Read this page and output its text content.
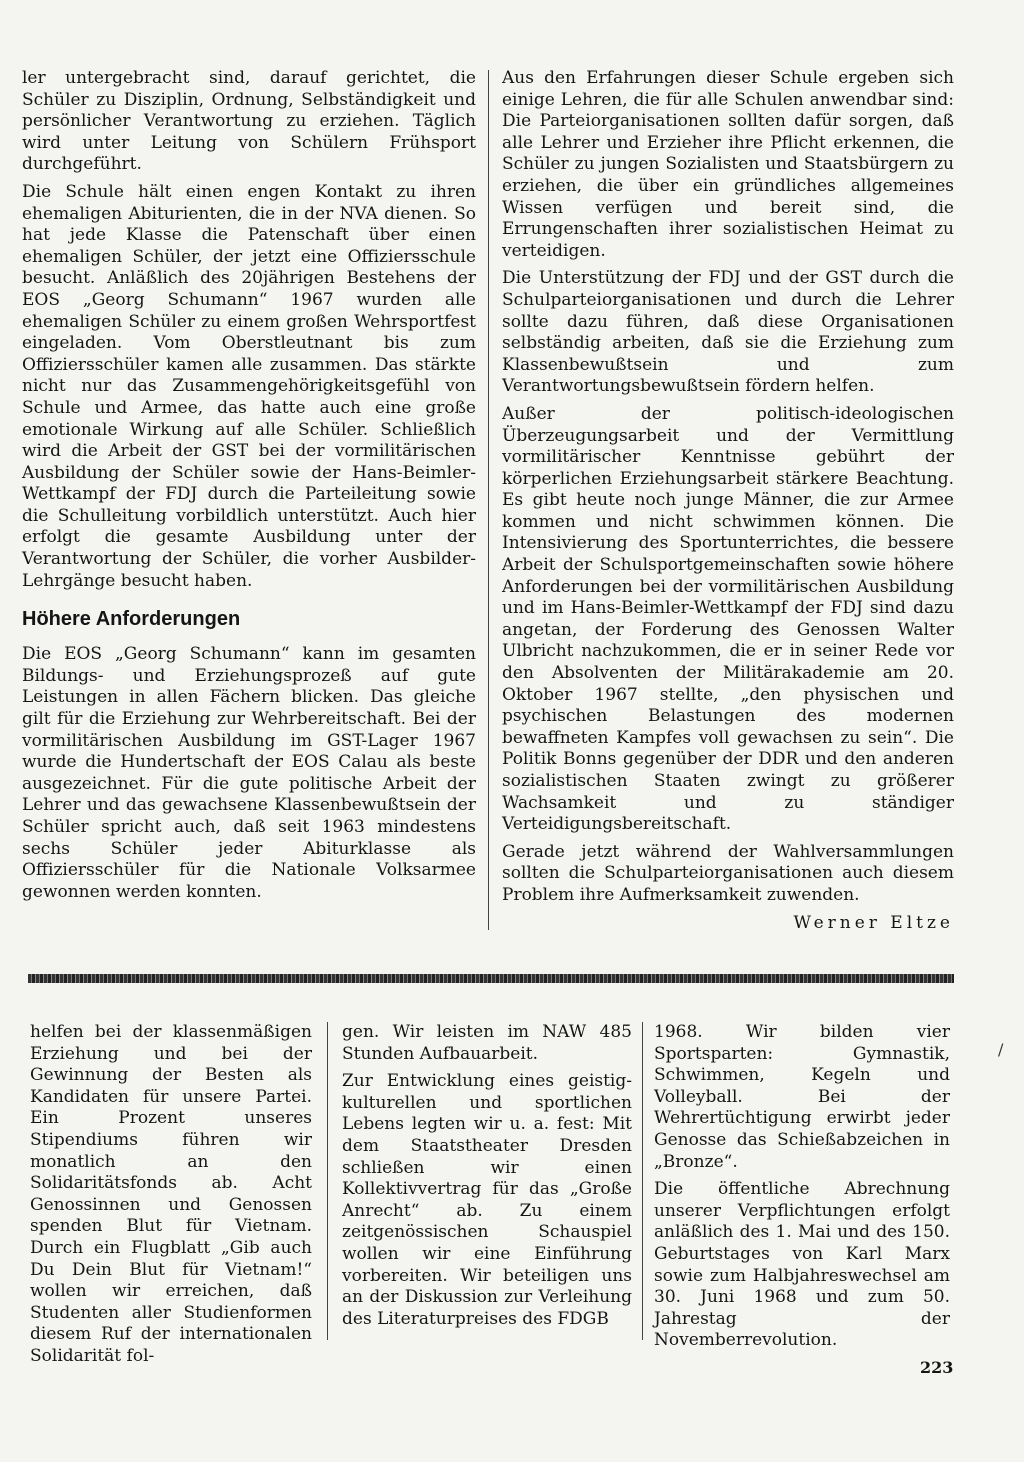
ler untergebracht sind, darauf gerichtet, die Schüler zu Disziplin, Ordnung, Selbständigkeit und persönlicher Verantwortung zu erziehen. Täglich wird unter Leitung von Schülern Frühsport durchgeführt.

Die Schule hält einen engen Kontakt zu ihren ehemaligen Abiturienten, die in der NVA dienen. So hat jede Klasse die Patenschaft über einen ehemaligen Schüler, der jetzt eine Offiziersschule besucht. Anläßlich des 20jährigen Bestehens der EOS „Georg Schumann“ 1967 wurden alle ehemaligen Schüler zu einem großen Wehrsportfest eingeladen. Vom Oberstleutnant bis zum Offiziersschüler kamen alle zusammen. Das stärkte nicht nur das Zusammengehörigkeitsgefühl von Schule und Armee, das hatte auch eine große emotionale Wirkung auf alle Schüler. Schließlich wird die Arbeit der GST bei der vormilitärischen Ausbildung der Schüler sowie der Hans-Beimler-Wettkampf der FDJ durch die Parteileitung sowie die Schulleitung vorbildlich unterstützt. Auch hier erfolgt die gesamte Ausbildung unter der Verantwortung der Schüler, die vorher Ausbilder-Lehrgänge besucht haben.

Höhere Anforderungen

Die EOS „Georg Schumann“ kann im gesamten Bildungs- und Erziehungsprozeß auf gute Leistungen in allen Fächern blicken. Das gleiche gilt für die Erziehung zur Wehrbereitschaft. Bei der vormilitärischen Ausbildung im GST-Lager 1967 wurde die Hundertschaft der EOS Calau als beste ausgezeichnet. Für die gute politische Arbeit der Lehrer und das gewachsene Klassenbewußtsein der Schüler spricht auch, daß seit 1963 mindestens sechs Schüler jeder Abiturklasse als Offiziersschüler für die Nationale Volksarmee gewonnen werden konnten.

Aus den Erfahrungen dieser Schule ergeben sich einige Lehren, die für alle Schulen anwendbar sind: Die Parteiorganisationen sollten dafür sorgen, daß alle Lehrer und Erzieher ihre Pflicht erkennen, die Schüler zu jungen Sozialisten und Staatsbürgern zu erziehen, die über ein gründliches allgemeines Wissen verfügen und bereit sind, die Errungenschaften ihrer sozialistischen Heimat zu verteidigen.

Die Unterstützung der FDJ und der GST durch die Schulparteiorganisationen und durch die Lehrer sollte dazu führen, daß diese Organisationen selbständig arbeiten, daß sie die Erziehung zum Klassenbewußtsein und zum Verantwortungsbewußtsein fördern helfen.

Außer der politisch-ideologischen Überzeugungsarbeit und der Vermittlung vormilitärischer Kenntnisse gebührt der körperlichen Erziehungsarbeit stärkere Beachtung. Es gibt heute noch junge Männer, die zur Armee kommen und nicht schwimmen können. Die Intensivierung des Sportunterrichtes, die bessere Arbeit der Schulsportgemeinschaften sowie höhere Anforderungen bei der vormilitärischen Ausbildung und im Hans-Beimler-Wettkampf der FDJ sind dazu angetan, der Forderung des Genossen Walter Ulbricht nachzukommen, die er in seiner Rede vor den Absolventen der Militärakademie am 20. Oktober 1967 stellte, „den physischen und psychischen Belastungen des modernen bewaffneten Kampfes voll gewachsen zu sein“. Die Politik Bonns gegenüber der DDR und den anderen sozialistischen Staaten zwingt zu größerer Wachsamkeit und zu ständiger Verteidigungsbereitschaft.

Gerade jetzt während der Wahlversammlungen sollten die Schulparteiorganisationen auch diesem Problem ihre Aufmerksamkeit zuwenden.

Werner Eltze

helfen bei der klassenmäßigen Erziehung und bei der Gewinnung der Besten als Kandidaten für unsere Partei. Ein Prozent unseres Stipendiums führen wir monatlich an den Solidaritätsfonds ab. Acht Genossinnen und Genossen spenden Blut für Vietnam. Durch ein Flugblatt „Gib auch Du Dein Blut für Vietnam!“ wollen wir erreichen, daß Studenten aller Studienformen diesem Ruf der internationalen Solidarität fol-

gen. Wir leisten im NAW 485 Stunden Aufbauarbeit.

Zur Entwicklung eines geistig-kulturellen und sportlichen Lebens legten wir u. a. fest: Mit dem Staatstheater Dresden schließen wir einen Kollektivvertrag für das „Große Anrecht“ ab. Zu einem zeitgenössischen Schauspiel wollen wir eine Einführung vorbereiten. Wir beteiligen uns an der Diskussion zur Verleihung des Literaturpreises des FDGB

1968. Wir bilden vier Sportsparten: Gymnastik, Schwimmen, Kegeln und Volleyball. Bei der Wehrertüchtigung erwirbt jeder Genosse das Schießabzeichen in „Bronze“.

Die öffentliche Abrechnung unserer Verpflichtungen erfolgt anläßlich des 1. Mai und des 150. Geburtstages von Karl Marx sowie zum Halbjahreswechsel am 30. Juni 1968 und zum 50. Jahrestag der Novemberrevolution.

/
223
